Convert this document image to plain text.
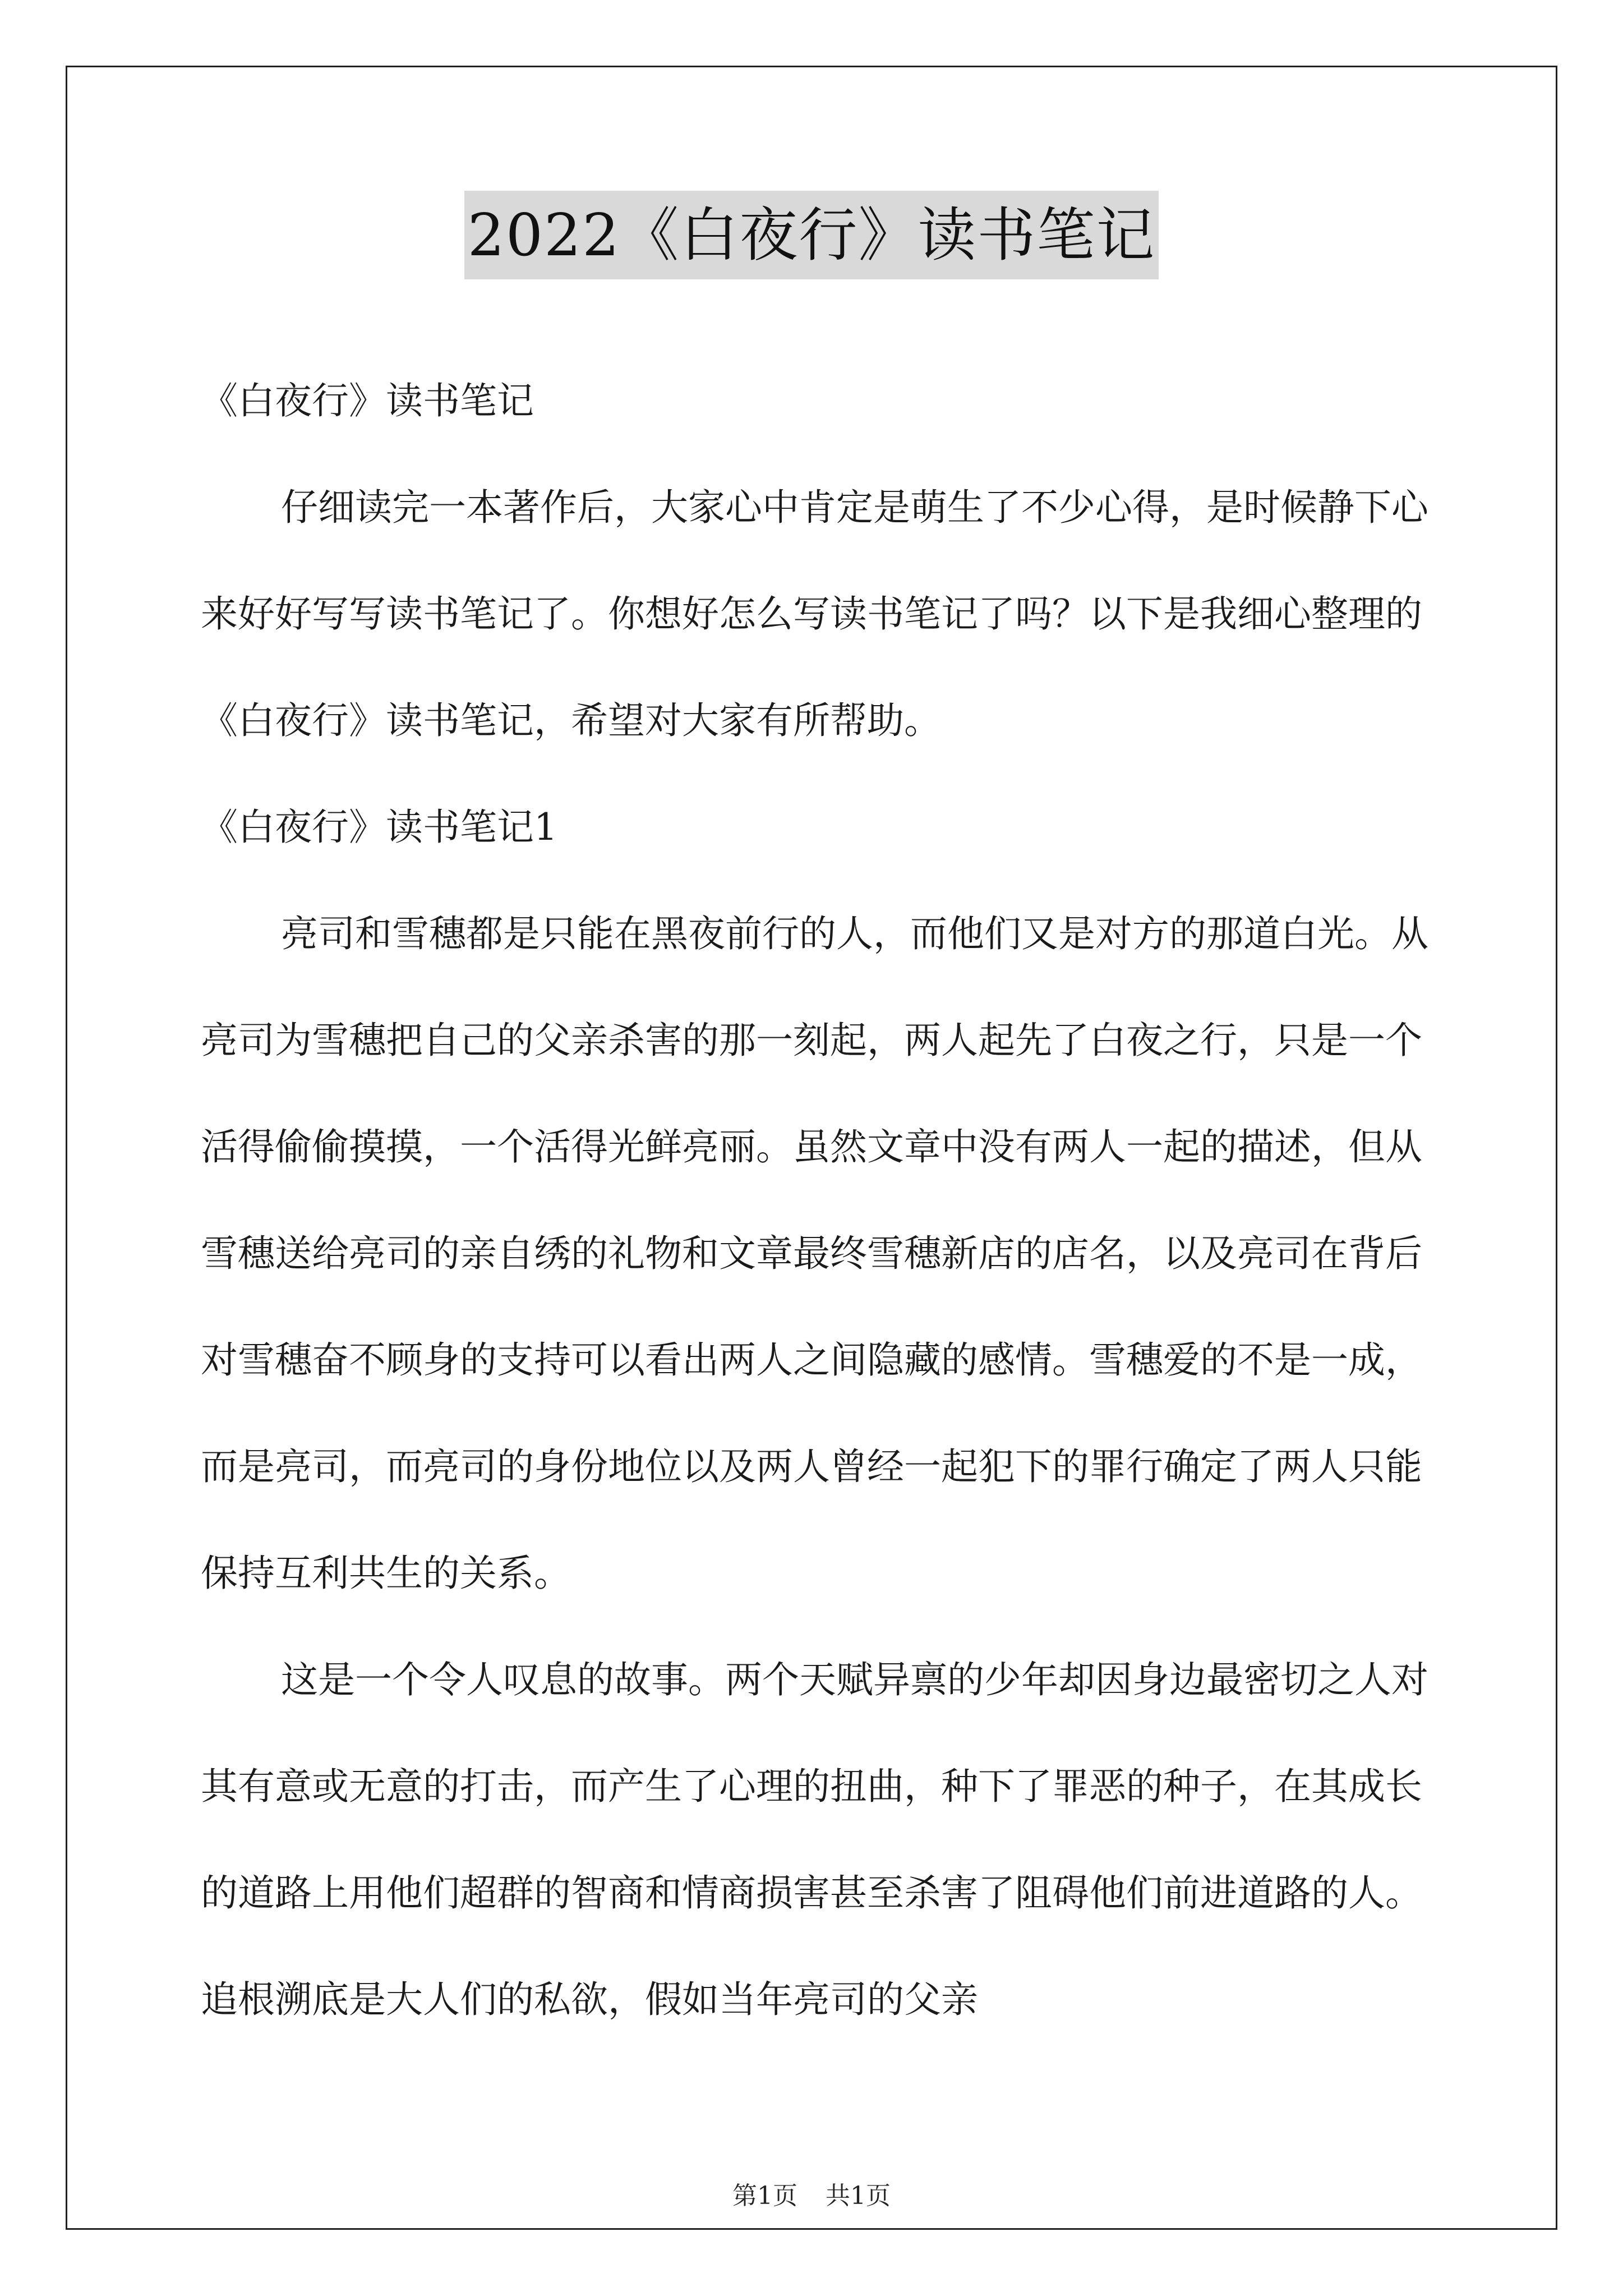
2022《白夜行》读书笔记

《白夜行》读书笔记

仔细读完一本著作后，大家心中肯定是萌生了不少心得，是时候静下心来好好写写读书笔记了。你想好怎么写读书笔记了吗？以下是我细心整理的《白夜行》读书笔记，希望对大家有所帮助。

《白夜行》读书笔记1

亮司和雪穗都是只能在黑夜前行的人，而他们又是对方的那道白光。从亮司为雪穗把自己的父亲杀害的那一刻起，两人起先了白夜之行，只是一个活得偷偷摸摸，一个活得光鲜亮丽。虽然文章中没有两人一起的描述，但从雪穗送给亮司的亲自绣的礼物和文章最终雪穗新店的店名，以及亮司在背后对雪穗奋不顾身的支持可以看出两人之间隐藏的感情。雪穗爱的不是一成，而是亮司，而亮司的身份地位以及两人曾经一起犯下的罪行确定了两人只能保持互利共生的关系。

这是一个令人叹息的故事。两个天赋异禀的少年却因身边最密切之人对其有意或无意的打击，而产生了心理的扭曲，种下了罪恶的种子，在其成长的道路上用他们超群的智商和情商损害甚至杀害了阻碍他们前进道路的人。追根溯底是大人们的私欲，假如当年亮司的父亲

第1页 共1页
